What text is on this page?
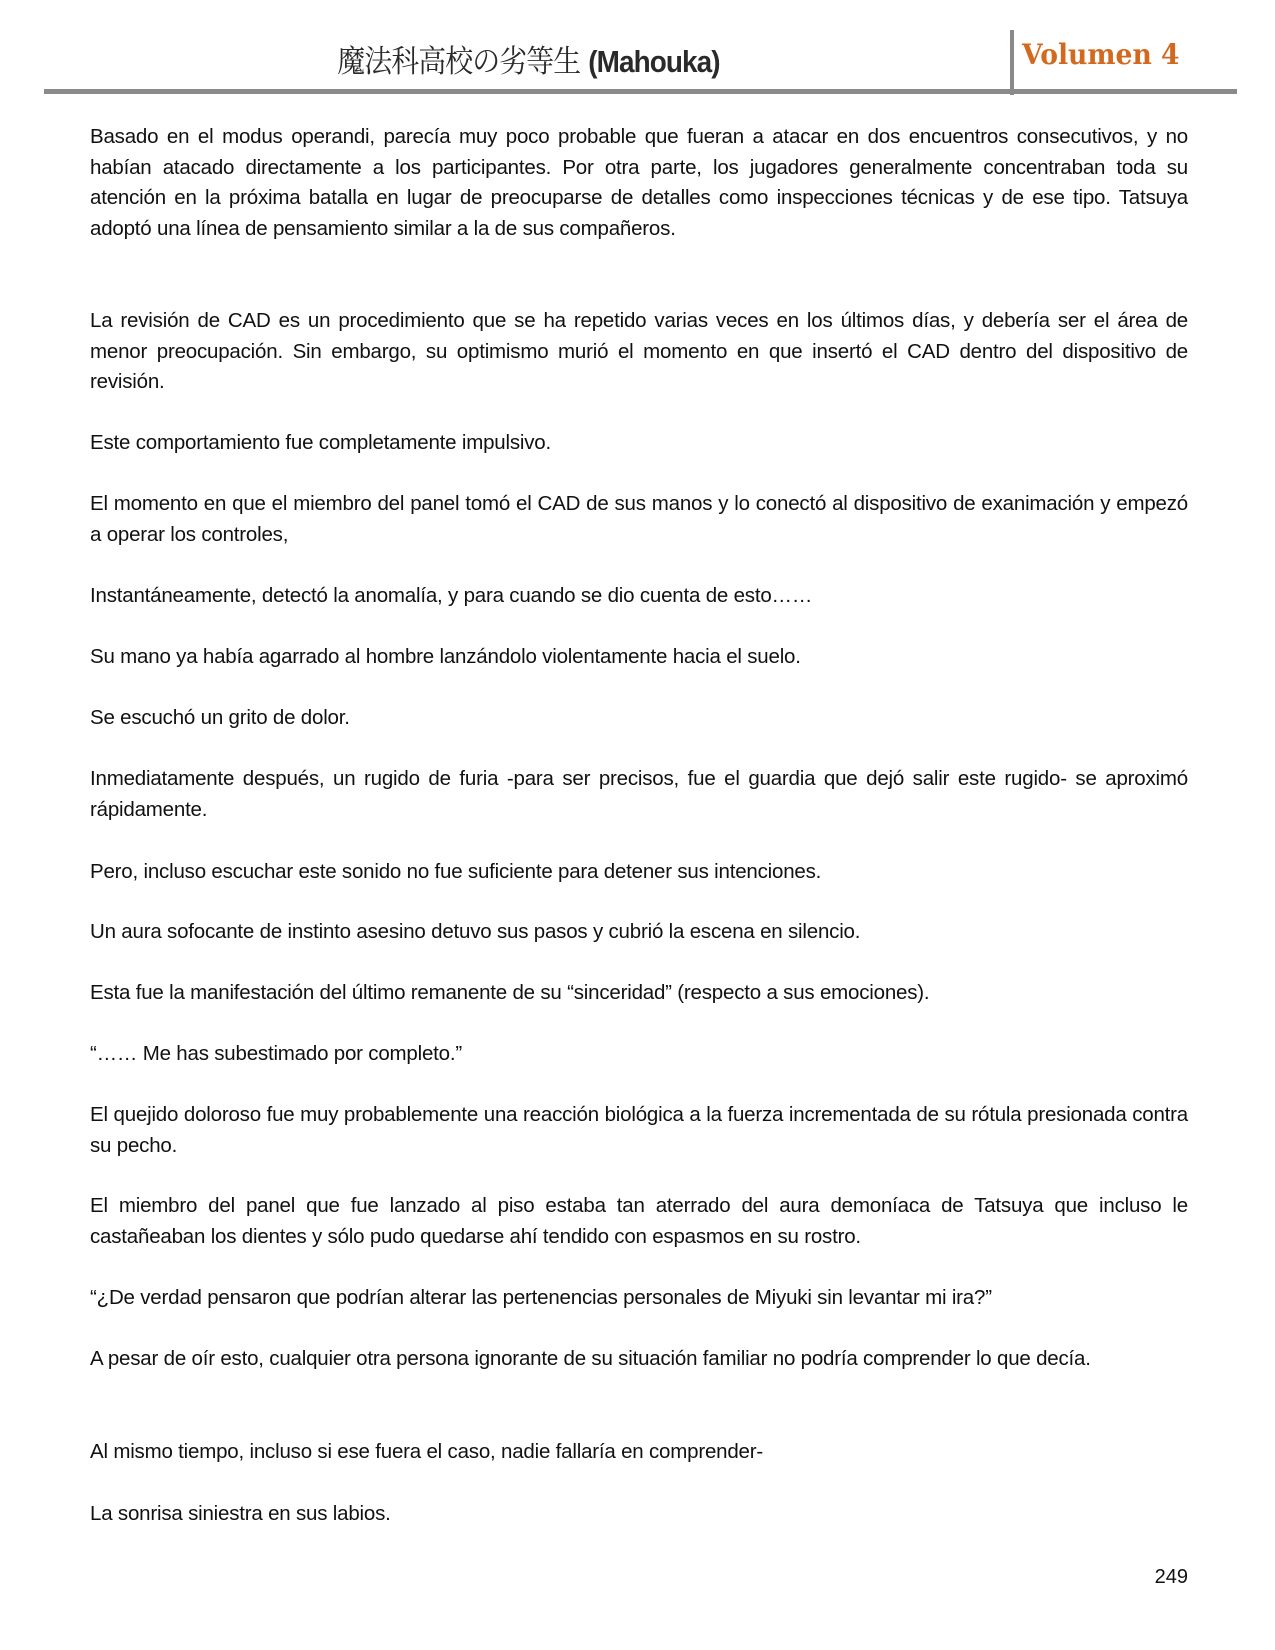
魔法科高校の劣等生 (Mahouka)	Volumen 4

Basado en el modus operandi, parecía muy poco probable que fueran a atacar en dos encuentros consecutivos, y no habían atacado directamente a los participantes. Por otra parte, los jugadores generalmente concentraban toda su atención en la próxima batalla en lugar de preocuparse de detalles como inspecciones técnicas y de ese tipo. Tatsuya adoptó una línea de pensamiento similar a la de sus compañeros.

La revisión de CAD es un procedimiento que se ha repetido varias veces en los últimos días, y debería ser el área de menor preocupación. Sin embargo, su optimismo murió el momento en que insertó el CAD dentro del dispositivo de revisión.

Este comportamiento fue completamente impulsivo.

El momento en que el miembro del panel tomó el CAD de sus manos y lo conectó al dispositivo de exanimación y empezó a operar los controles,

Instantáneamente, detectó la anomalía, y para cuando se dio cuenta de esto……

Su mano ya había agarrado al hombre lanzándolo violentamente hacia el suelo.

Se escuchó un grito de dolor.

Inmediatamente después, un rugido de furia -para ser precisos, fue el guardia que dejó salir este rugido- se aproximó rápidamente.

Pero, incluso escuchar este sonido no fue suficiente para detener sus intenciones.

Un aura sofocante de instinto asesino detuvo sus pasos y cubrió la escena en silencio.

Esta fue la manifestación del último remanente de su “sinceridad” (respecto a sus emociones).

“…… Me has subestimado por completo.”

El quejido doloroso fue muy probablemente una reacción biológica a la fuerza incrementada de su rótula presionada contra su pecho.

El miembro del panel que fue lanzado al piso estaba tan aterrado del aura demoníaca de Tatsuya que incluso le castañeaban los dientes y sólo pudo quedarse ahí tendido con espasmos en su rostro.

“¿De verdad pensaron que podrían alterar las pertenencias personales de Miyuki sin levantar mi ira?”

A pesar de oír esto, cualquier otra persona ignorante de su situación familiar no podría comprender lo que decía.

Al mismo tiempo, incluso si ese fuera el caso, nadie fallaría en comprender-

La sonrisa siniestra en sus labios.

249
